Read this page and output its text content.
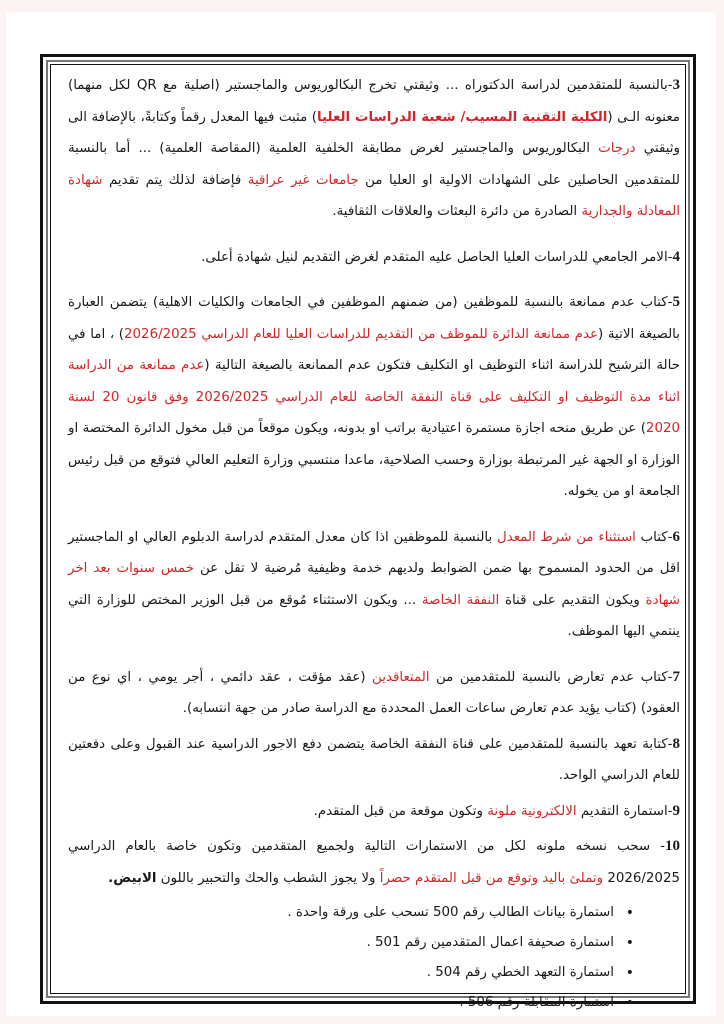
3-بالنسبة للمتقدمين لدراسة الدكتوراه ... وثيقتي تخرج البكالوريوس والماجستير (اصلية مع QR لكل منهما) معنونه الـى (الكلية التقنية المسيب/ شعبة الدراسات العليا) مثبت فيها المعدل رقماً وكتابةً، بالإضافة الى وثيقتي درجات البكالوريوس والماجستير لغرض مطابقة الخلفية العلمية (المقاصة العلمية) ... أما بالنسبة للمتقدمين الحاصلين على الشهادات الاولية او العليا من جامعات غير عراقية فإضافة لذلك يتم تقديم شهادة المعادلة والجدارية الصادرة من دائرة البعثات والعلاقات الثقافية.

4-الامر الجامعي للدراسات العليا الحاصل عليه المتقدم لغرض التقديم لنيل شهادة أعلى.

5-كتاب عدم ممانعة بالنسبة للموظفين (من ضمنهم الموظفين في الجامعات والكليات الاهلية) يتضمن العبارة بالصيغة الاتية (عدم ممانعة الدائرة للموظف من التقديم للدراسات العليا للعام الدراسي 2026/2025) ، اما في حالة الترشيح للدراسة اثناء التوظيف او التكليف فتكون عدم الممانعة بالصيغة التالية (عدم ممانعة من الدراسة اثناء مدة التوظيف او التكليف على قناة النفقة الخاصة للعام الدراسي 2026/2025 وفق قانون 20 لسنة 2020) عن طريق منحه اجازة مستمرة اعتيادية براتب او بدونه، ويكون موقعاً من قبل مخول الدائرة المختصة او الوزارة او الجهة غير المرتبطة بوزارة وحسب الصلاحية، ماعدا منتسبي وزارة التعليم العالي فتوقع من قبل رئيس الجامعة او من يخوله.

6-كتاب استثناء من شرط المعدل بالنسبة للموظفين اذا كان معدل المتقدم لدراسة الدبلوم العالي او الماجستير اقل من الحدود المسموح بها ضمن الضوابط ولديهم خدمة وظيفية مُرضية لا تقل عن خمس سنوات بعد اخر شهادة ويكون التقديم على قناة النفقة الخاصة ... ويكون الاستثناء مُوقع من قبل الوزير المختص للوزارة التي ينتمي اليها الموظف.

7-كتاب عدم تعارض بالنسبة للمتقدمين من المتعاقدين (عقد مؤقت ، عقد دائمي ، أجر يومي ، اي نوع من العقود) (كتاب يؤيد عدم تعارض ساعات العمل المحددة مع الدراسة صادر من جهة انتسابه).

8-كتابة تعهد بالنسبة للمتقدمين على قناة النفقة الخاصة يتضمن دفع الاجور الدراسية عند القبول وعلى دفعتين للعام الدراسي الواحد.

9-استمارة التقديم الالكترونية ملونة وتكون موقعة من قبل المتقدم.

10- سحب نسخه ملونه لكل من الاستمارات التالية ولجميع المتقدمين وتكون خاصة بالعام الدراسي 2026/2025 وتملئ باليد وتوقع من قبل المتقدم حصراً ولا يجوز الشطب والحك والتحبير باللون الابيض.

• استمارة بيانات الطالب رقم 500 تسحب على ورقة واحدة .
• استمارة صحيفة اعمال المتقدمين رقم 501 .
• استمارة التعهد الخطي رقم 504 .
• استمارة المقابلة رقم 506 .
